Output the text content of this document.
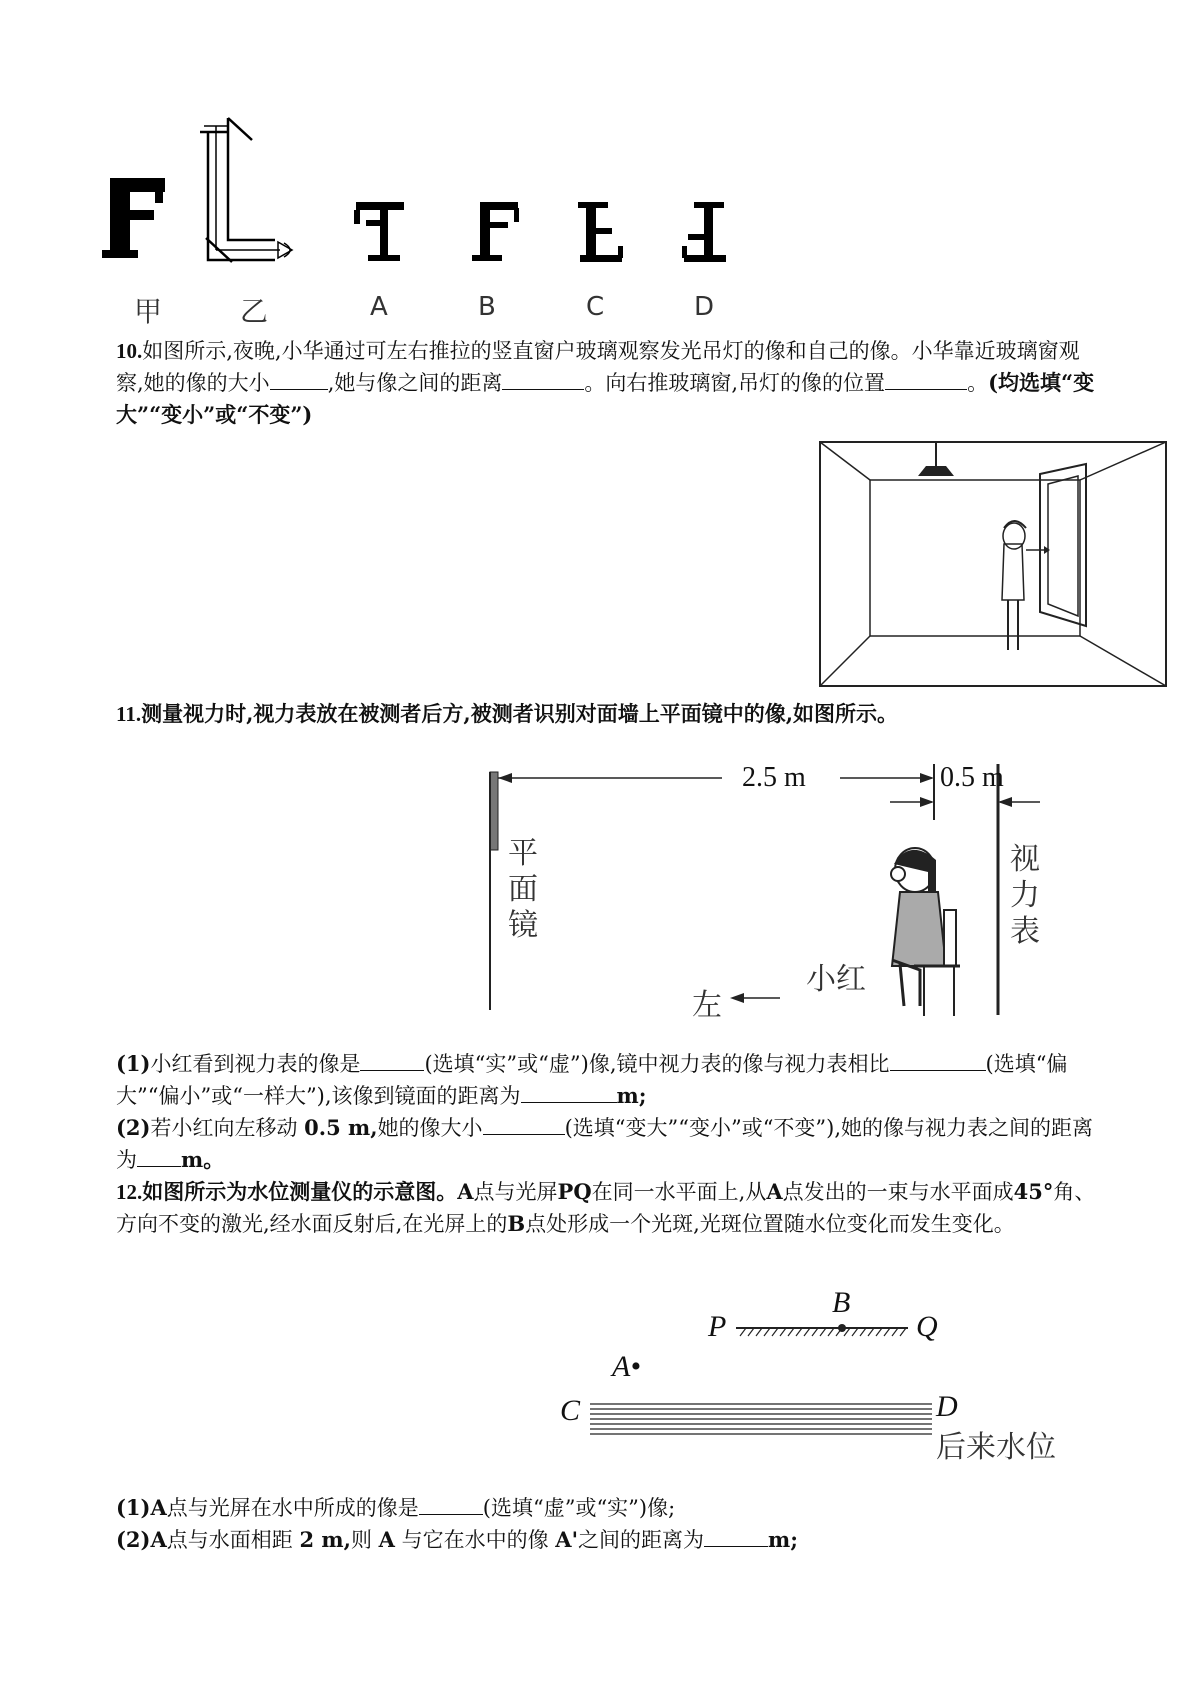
甲	乙	A	B	C	D
10.如图所示,夜晚,小华通过可左右推拉的竖直窗户玻璃观察发光吊灯的像和自己的像。小华靠近玻璃窗观察,她的像的大小	,她与像之间的距离	。向右推玻璃窗,吊灯的像的位置	。(均选填“变大”“变小”或“不变”)
11.测量视力时,视力表放在被测者后方,被测者识别对面墙上平面镜中的像,如图所示。
2.5 m	0.5 m
平
面
镜
视
力
表
小红
左
(1)小红看到视力表的像是	(选填“实”或“虚”)像,镜中视力表的像与视力表相比	(选填“偏大”“偏小”或“一样大”),该像到镜面的距离为	m;
(2)若小红向左移动 0.5 m,她的像大小	(选填“变大”“变小”或“不变”),她的像与视力表之间的距离为 m。
12.如图所示为水位测量仪的示意图。A点与光屏PQ在同一水平面上,从A点发出的一束与水平面成45°角、方向不变的激光,经水面反射后,在光屏上的B点处形成一个光斑,光斑位置随水位变化而发生变化。
P
B
Q
A•
C	D
后来水位
(1)A点与光屏在水中所成的像是	(选填“虚”或“实”)像;
(2)A点与水面相距 2 m,则 A 与它在水中的像 A'之间的距离为	m;
